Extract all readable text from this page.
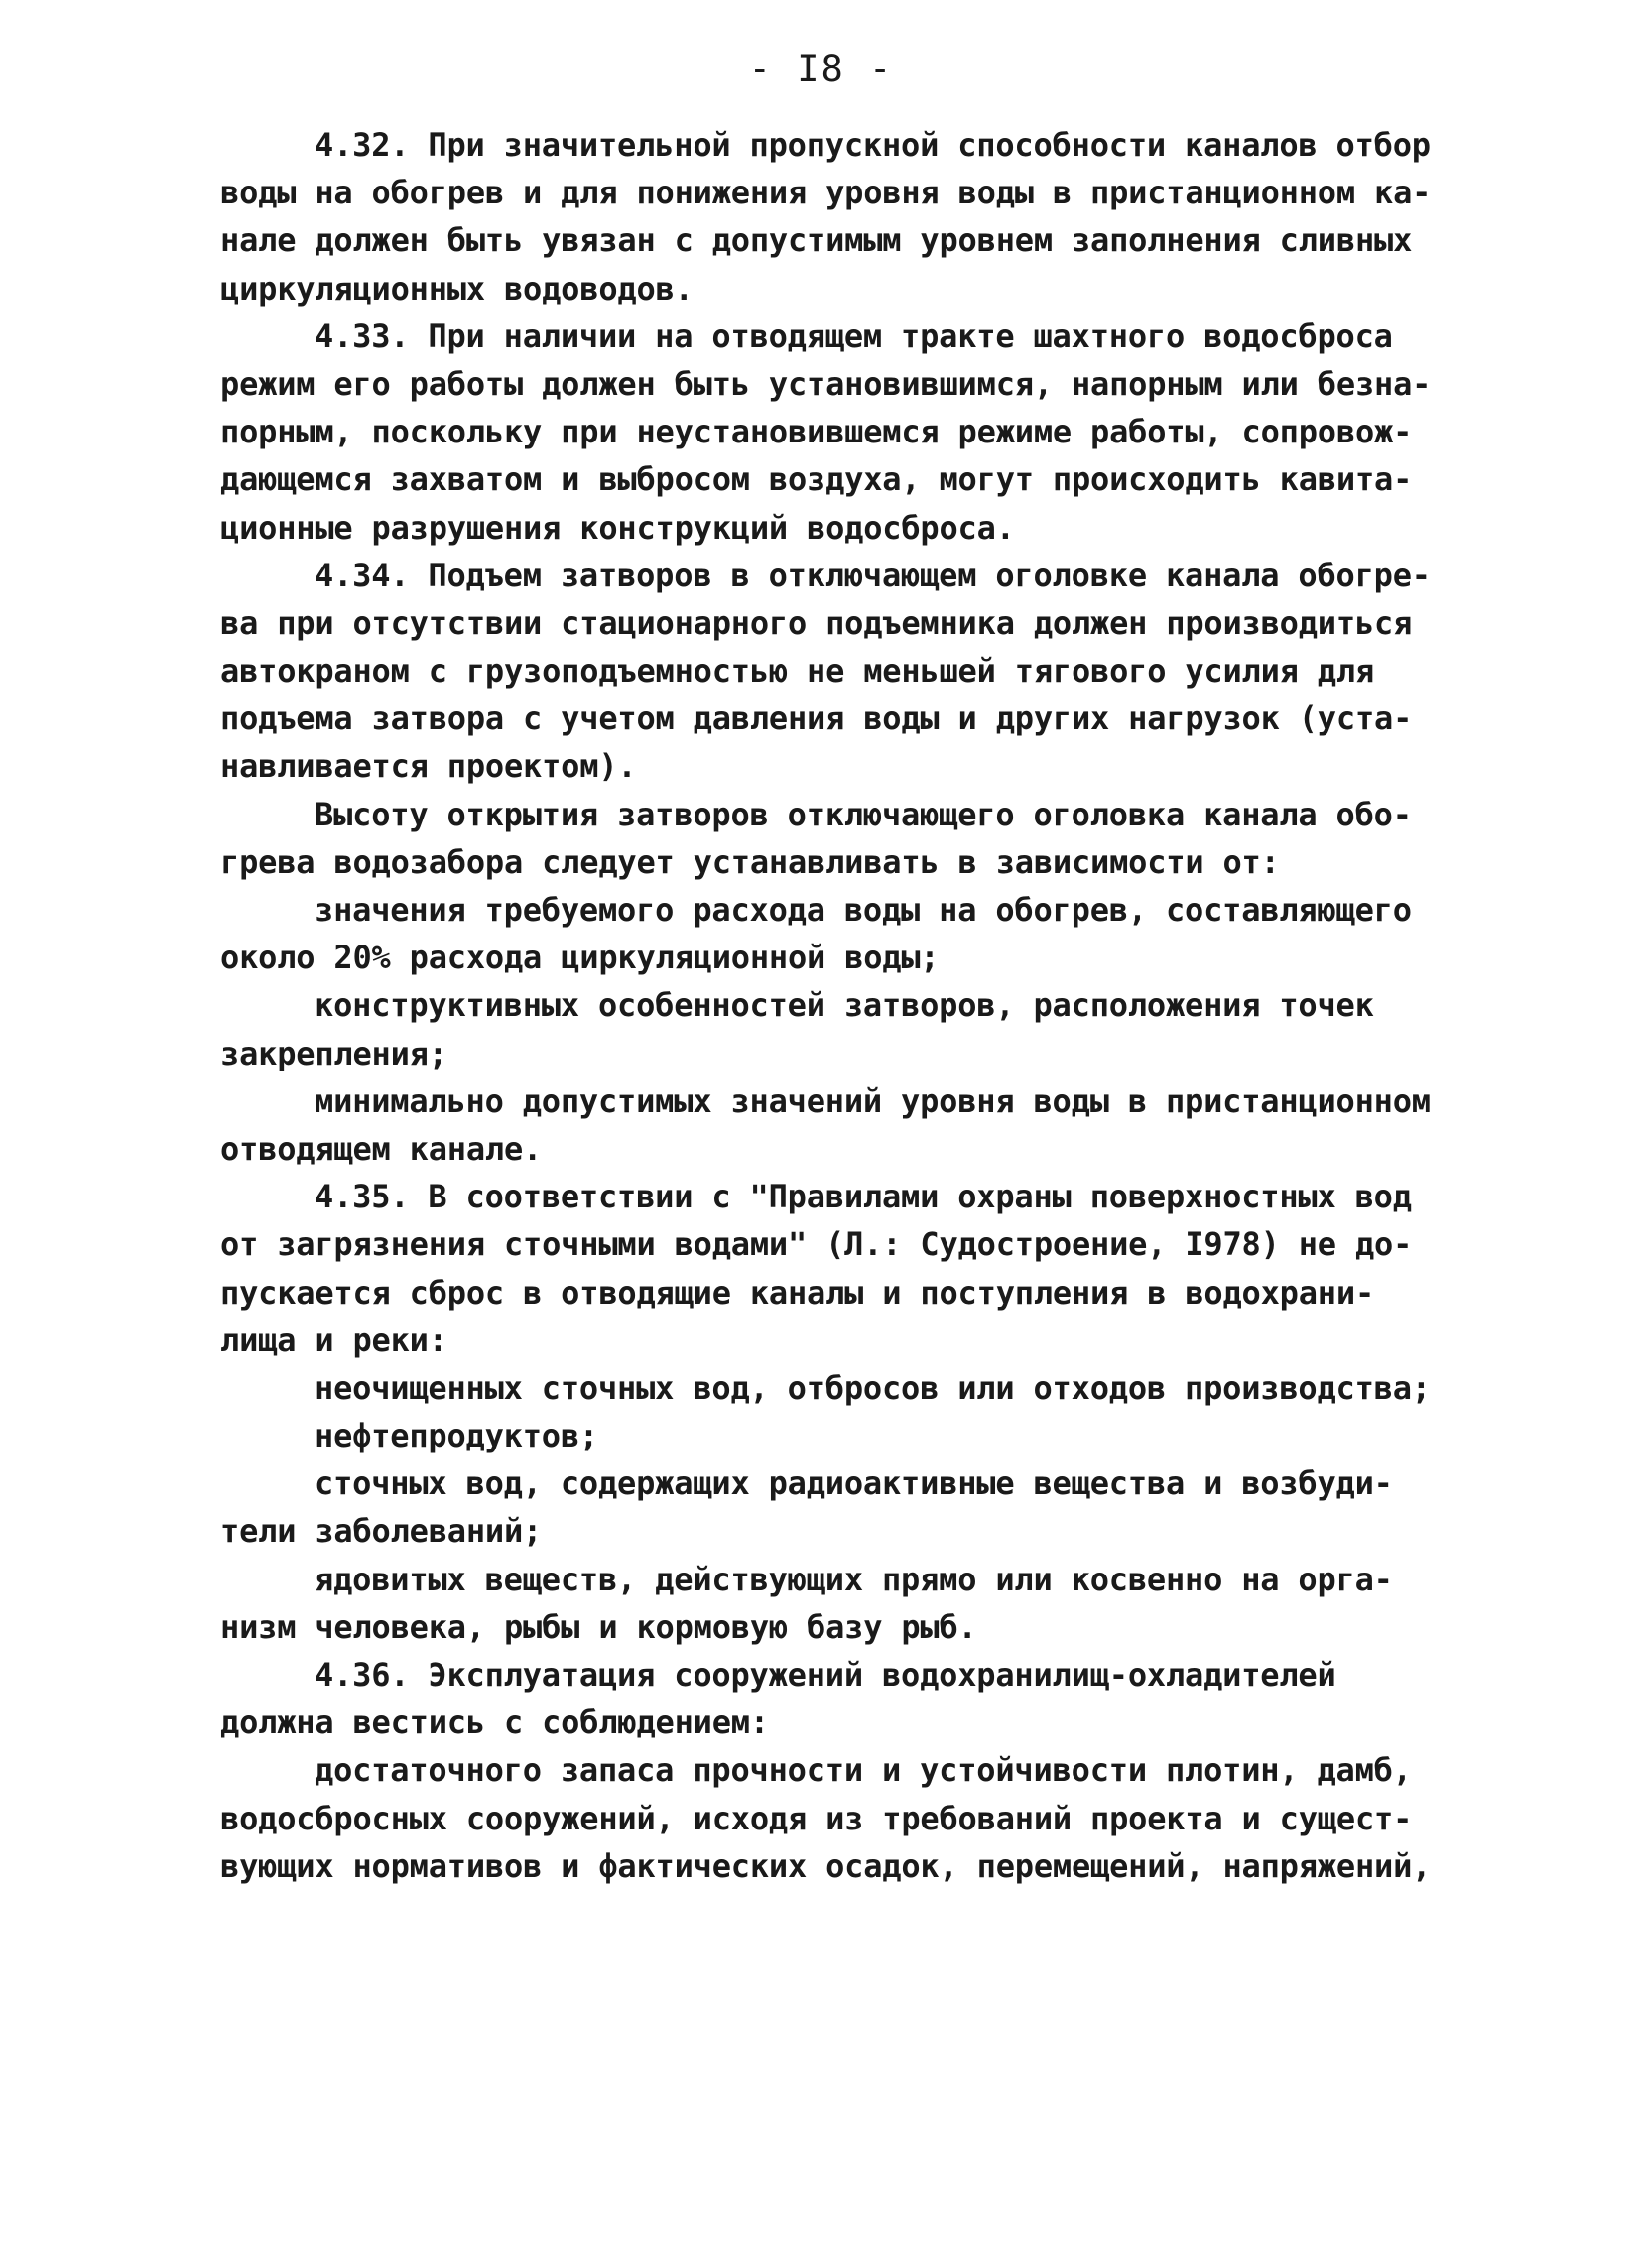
- I8 -
4.32. При значительной пропускной способности каналов отбор
воды на обогрев и для понижения уровня воды в пристанционном ка-
нале должен быть увязан с допустимым уровнем заполнения сливных
циркуляционных водоводов.
4.33. При наличии на отводящем тракте шахтного водосброса
режим его работы должен быть установившимся, напорным или безна-
порным, поскольку при неустановившемся режиме работы, сопровож-
дающемся захватом и выбросом воздуха, могут происходить кавита-
ционные разрушения конструкций водосброса.
4.34. Подъем затворов в отключающем оголовке канала обогре-
ва при отсутствии стационарного подъемника должен производиться
автокраном с грузоподъемностью не меньшей тягового усилия для
подъема затвора с учетом давления воды и других нагрузок (уста-
навливается проектом).
Высоту открытия затворов отключающего оголовка канала обо-
грева водозабора следует устанавливать в зависимости от:
значения требуемого расхода воды на обогрев, составляющего
около 20% расхода циркуляционной воды;
конструктивных особенностей затворов, расположения точек
закрепления;
минимально допустимых значений уровня воды в пристанционном
отводящем канале.
4.35. В соответствии с "Правилами охраны поверхностных вод
от загрязнения сточными водами" (Л.: Судостроение, I978) не до-
пускается сброс в отводящие каналы и поступления в водохрани-
лища и реки:
неочищенных сточных вод, отбросов или отходов производства;
нефтепродуктов;
сточных вод, содержащих радиоактивные вещества и возбуди-
тели заболеваний;
ядовитых веществ, действующих прямо или косвенно на орга-
низм человека, рыбы и кормовую базу рыб.
4.36. Эксплуатация сооружений водохранилищ-охладителей
должна вестись с соблюдением:
достаточного запаса прочности и устойчивости плотин, дамб,
водосбросных сооружений, исходя из требований проекта и сущест-
вующих нормативов и фактических осадок, перемещений, напряжений,
